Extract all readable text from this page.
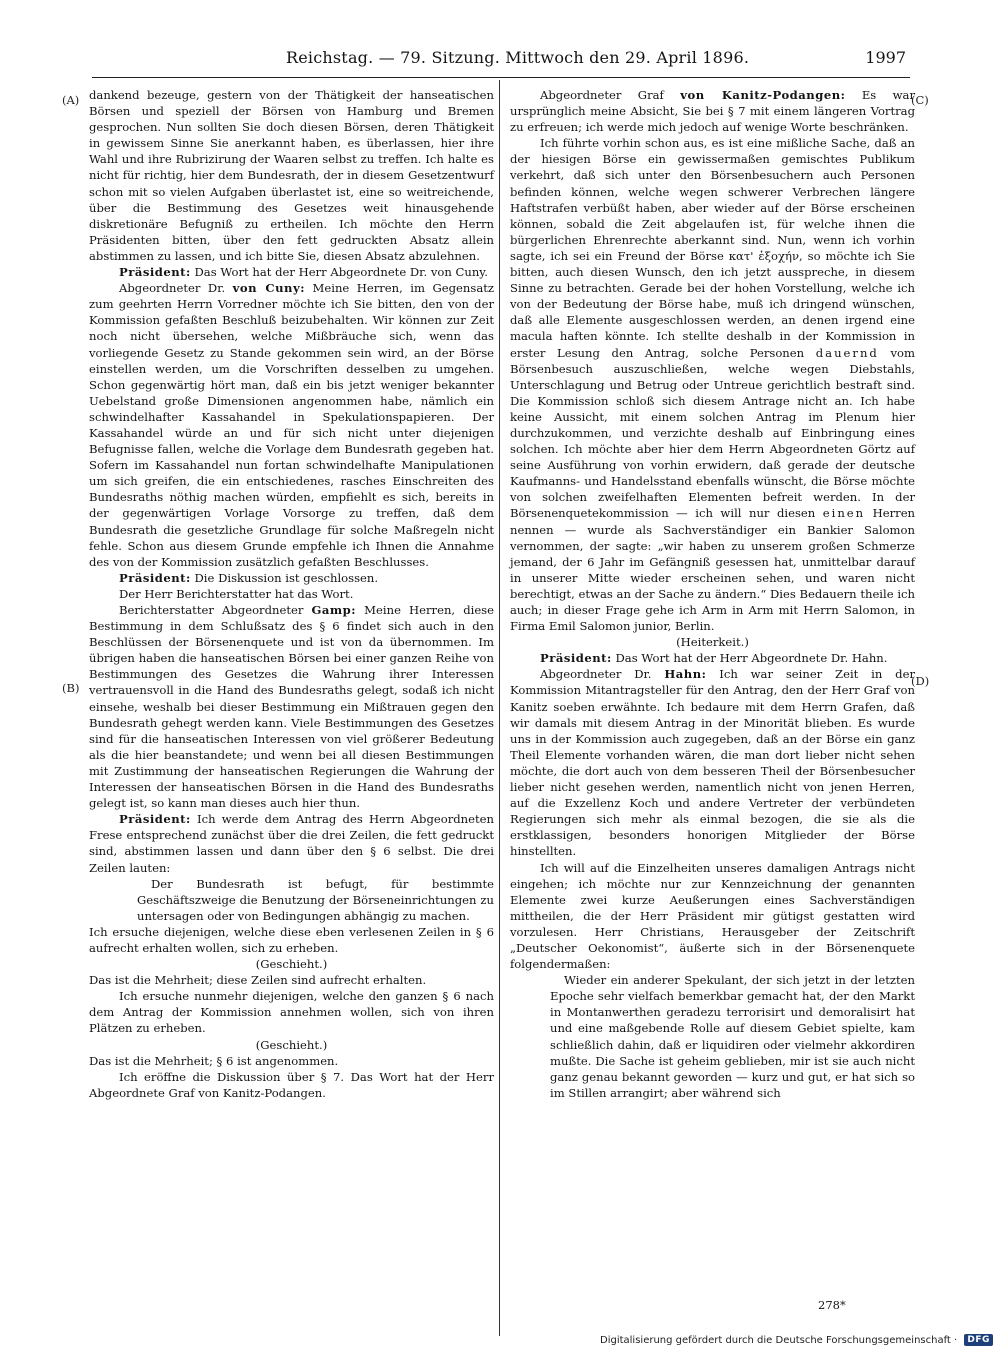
Reichstag. — 79. Sitzung. Mittwoch den 29. April 1896.	1997
(A)
(B)
(C)
(D)

dankend bezeuge, gestern von der Thätigkeit der hanseatischen Börsen und speziell der Börsen von Hamburg und Bremen gesprochen. Nun sollten Sie doch diesen Börsen, deren Thätigkeit in gewissem Sinne Sie anerkannt haben, es überlassen, hier ihre Wahl und ihre Rubrizirung der Waaren selbst zu treffen. Ich halte es nicht für richtig, hier dem Bundesrath, der in diesem Gesetzentwurf schon mit so vielen Aufgaben überlastet ist, eine so weitreichende, über die Bestimmung des Gesetzes weit hinausgehende diskretionäre Befugniß zu ertheilen. Ich möchte den Herrn Präsidenten bitten, über den fett gedruckten Absatz allein abstimmen zu lassen, und ich bitte Sie, diesen Absatz abzulehnen.

Präsident: Das Wort hat der Herr Abgeordnete Dr. von Cuny.

Abgeordneter Dr. von Cuny: Meine Herren, im Gegensatz zum geehrten Herrn Vorredner möchte ich Sie bitten, den von der Kommission gefaßten Beschluß beizubehalten. Wir können zur Zeit noch nicht übersehen, welche Mißbräuche sich, wenn das vorliegende Gesetz zu Stande gekommen sein wird, an der Börse einstellen werden, um die Vorschriften desselben zu umgehen. Schon gegenwärtig hört man, daß ein bis jetzt weniger bekannter Uebelstand große Dimensionen angenommen habe, nämlich ein schwindelhafter Kassahandel in Spekulationspapieren. Der Kassahandel würde an und für sich nicht unter diejenigen Befugnisse fallen, welche die Vorlage dem Bundesrath gegeben hat. Sofern im Kassahandel nun fortan schwindelhafte Manipulationen um sich greifen, die ein entschiedenes, rasches Einschreiten des Bundesraths nöthig machen würden, empfiehlt es sich, bereits in der gegenwärtigen Vorlage Vorsorge zu treffen, daß dem Bundesrath die gesetzliche Grundlage für solche Maßregeln nicht fehle. Schon aus diesem Grunde empfehle ich Ihnen die Annahme des von der Kommission zusätzlich gefaßten Beschlusses.

Präsident: Die Diskussion ist geschlossen.

Der Herr Berichterstatter hat das Wort.

Berichterstatter Abgeordneter Gamp: Meine Herren, diese Bestimmung in dem Schlußsatz des § 6 findet sich auch in den Beschlüssen der Börsenenquete und ist von da übernommen. Im übrigen haben die hanseatischen Börsen bei einer ganzen Reihe von Bestimmungen des Gesetzes die Wahrung ihrer Interessen vertrauensvoll in die Hand des Bundesraths gelegt, sodaß ich nicht einsehe, weshalb bei dieser Bestimmung ein Mißtrauen gegen den Bundesrath gehegt werden kann. Viele Bestimmungen des Gesetzes sind für die hanseatischen Interessen von viel größerer Bedeutung als die hier beanstandete; und wenn bei all diesen Bestimmungen mit Zustimmung der hanseatischen Regierungen die Wahrung der Interessen der hanseatischen Börsen in die Hand des Bundesraths gelegt ist, so kann man dieses auch hier thun.

Präsident: Ich werde dem Antrag des Herrn Abgeordneten Frese entsprechend zunächst über die drei Zeilen, die fett gedruckt sind, abstimmen lassen und dann über den § 6 selbst. Die drei Zeilen lauten:

Der Bundesrath ist befugt, für bestimmte Geschäftszweige die Benutzung der Börseneinrichtungen zu untersagen oder von Bedingungen abhängig zu machen.

Ich ersuche diejenigen, welche diese eben verlesenen Zeilen in § 6 aufrecht erhalten wollen, sich zu erheben.

(Geschieht.)

Das ist die Mehrheit; diese Zeilen sind aufrecht erhalten.

Ich ersuche nunmehr diejenigen, welche den ganzen § 6 nach dem Antrag der Kommission annehmen wollen, sich von ihren Plätzen zu erheben.

(Geschieht.)

Das ist die Mehrheit; § 6 ist angenommen.

Ich eröffne die Diskussion über § 7. Das Wort hat der Herr Abgeordnete Graf von Kanitz-Podangen.

Abgeordneter Graf von Kanitz-Podangen: Es war ursprünglich meine Absicht, Sie bei § 7 mit einem längeren Vortrag zu erfreuen; ich werde mich jedoch auf wenige Worte beschränken.

Ich führte vorhin schon aus, es ist eine mißliche Sache, daß an der hiesigen Börse ein gewissermaßen gemischtes Publikum verkehrt, daß sich unter den Börsenbesuchern auch Personen befinden können, welche wegen schwerer Verbrechen längere Haftstrafen verbüßt haben, aber wieder auf der Börse erscheinen können, sobald die Zeit abgelaufen ist, für welche ihnen die bürgerlichen Ehrenrechte aberkannt sind. Nun, wenn ich vorhin sagte, ich sei ein Freund der Börse κατ' ἐξοχήν, so möchte ich Sie bitten, auch diesen Wunsch, den ich jetzt ausspreche, in diesem Sinne zu betrachten. Gerade bei der hohen Vorstellung, welche ich von der Bedeutung der Börse habe, muß ich dringend wünschen, daß alle Elemente ausgeschlossen werden, an denen irgend eine macula haften könnte. Ich stellte deshalb in der Kommission in erster Lesung den Antrag, solche Personen dauernd vom Börsenbesuch auszuschließen, welche wegen Diebstahls, Unterschlagung und Betrug oder Untreue gerichtlich bestraft sind. Die Kommission schloß sich diesem Antrage nicht an. Ich habe keine Aussicht, mit einem solchen Antrag im Plenum hier durchzukommen, und verzichte deshalb auf Einbringung eines solchen. Ich möchte aber hier dem Herrn Abgeordneten Görtz auf seine Ausführung von vorhin erwidern, daß gerade der deutsche Kaufmanns- und Handelsstand ebenfalls wünscht, die Börse möchte von solchen zweifelhaften Elementen befreit werden. In der Börsenenquetekommission — ich will nur diesen einen Herren nennen — wurde als Sachverständiger ein Bankier Salomon vernommen, der sagte: „wir haben zu unserem großen Schmerze jemand, der 6 Jahr im Gefängniß gesessen hat, unmittelbar darauf in unserer Mitte wieder erscheinen sehen, und waren nicht berechtigt, etwas an der Sache zu ändern.“ Dies Bedauern theile ich auch; in dieser Frage gehe ich Arm in Arm mit Herrn Salomon, in Firma Emil Salomon junior, Berlin.

(Heiterkeit.)

Präsident: Das Wort hat der Herr Abgeordnete Dr. Hahn.

Abgeordneter Dr. Hahn: Ich war seiner Zeit in der Kommission Mitantragsteller für den Antrag, den der Herr Graf von Kanitz soeben erwähnte. Ich bedaure mit dem Herrn Grafen, daß wir damals mit diesem Antrag in der Minorität blieben. Es wurde uns in der Kommission auch zugegeben, daß an der Börse ein ganz Theil Elemente vorhanden wären, die man dort lieber nicht sehen möchte, die dort auch von dem besseren Theil der Börsenbesucher lieber nicht gesehen werden, namentlich nicht von jenen Herren, auf die Exzellenz Koch und andere Vertreter der verbündeten Regierungen sich mehr als einmal bezogen, die sie als die erstklassigen, besonders honorigen Mitglieder der Börse hinstellten.

Ich will auf die Einzelheiten unseres damaligen Antrags nicht eingehen; ich möchte nur zur Kennzeichnung der genannten Elemente zwei kurze Aeußerungen eines Sachverständigen mittheilen, die der Herr Präsident mir gütigst gestatten wird vorzulesen. Herr Christians, Herausgeber der Zeitschrift „Deutscher Oekonomist“, äußerte sich in der Börsenenquete folgendermaßen:

Wieder ein anderer Spekulant, der sich jetzt in der letzten Epoche sehr vielfach bemerkbar gemacht hat, der den Markt in Montanwerthen geradezu terrorisirt und demoralisirt hat und eine maßgebende Rolle auf diesem Gebiet spielte, kam schließlich dahin, daß er liquidiren oder vielmehr akkordiren mußte. Die Sache ist geheim geblieben, mir ist sie auch nicht ganz genau bekannt geworden — kurz und gut, er hat sich so im Stillen arrangirt; aber während sich

278*
Digitalisierung gefördert durch die Deutsche Forschungsgemeinschaft · DFG
